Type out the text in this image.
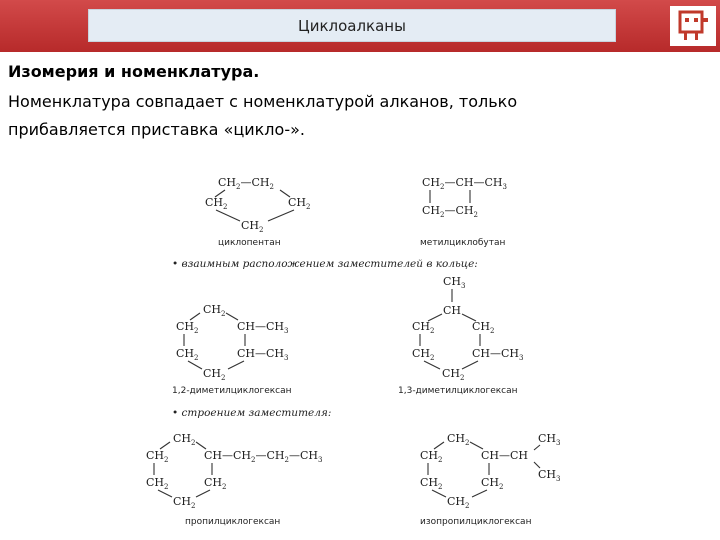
Циклоалканы
Изомерия и номенклатура.
Номенклатура совпадает с номенклатурой алканов, только
прибавляется приставка «цикло-».
$CH_2—CH_2$
$CH_2$	$CH_2$
$CH_2$
циклопентан
$CH_2—CH—CH_3$
$CH_2—CH_2$
метилциклобутан
• взаимным расположением заместителей в кольце:
$CH_2$
$CH_2$	$CH—CH_3$
$CH_2$	$CH—CH_3$
$CH_2$
1,2-диметилциклогексан
$CH_3$
CH
$CH_2$	$CH_2$
$CH_2$	$CH—CH_3$
$CH_2$
1,3-диметилциклогексан
• строением заместителя:
$CH_2$
$CH_2$	$CH—CH_2—CH_2—CH_3$
$CH_2$	$CH_2$
$CH_2$
пропилциклогексан
$CH_2$	$CH_3$
$CH_2$	CH—CH
$CH_2$	$CH_2$
$CH_3$
$CH_2$
изопропилциклогексан
